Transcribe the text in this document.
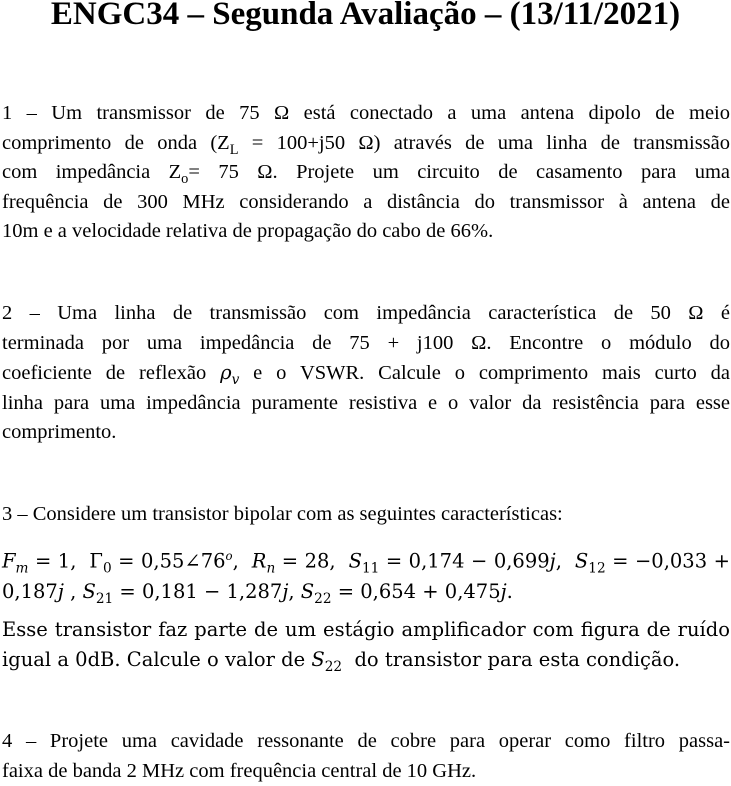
ENGC34 – Segunda Avaliação – (13/11/2021)
1 – Um transmissor de 75 Ω está conectado a uma antena dipolo de meio
comprimento de onda ($Z_L = 100+j50$ Ω) através de uma linha de transmissão
com impedância $Z_o= 75$ Ω. Projete um circuito de casamento para uma
frequência de 300 MHz considerando a distância do transmissor à antena de
10m e a velocidade relativa de propagação do cabo de 66%.
2 – Uma linha de transmissão com impedância característica de 50 Ω é
terminada por uma impedância de 75 + j100 Ω. Encontre o módulo do
coeficiente de reflexão $\rho_v$ e o VSWR. Calcule o comprimento mais curto da
linha para uma impedância puramente resistiva e o valor da resistência para esse
comprimento.
3 – Considere um transistor bipolar com as seguintes características:
$F_m = 1$,  $\Gamma_0$ = $0,55\angle 76^o$,  $R_n = 28$,  $S_{11} = 0,174 - 0,699j$,  $S_{12} = -0,033$ +
0,187j , $S_{21} = 0,181 - 1,287j$, $S_{22} = 0,654 + 0,475j$.
Esse transistor faz parte de um estágio amplificador com figura de ruído
igual a 0dB. Calcule o valor de $S_{22}$  do transistor para esta condição.
4 – Projete uma cavidade ressonante de cobre para operar como filtro passa-
faixa de banda 2 MHz com frequência central de 10 GHz.
